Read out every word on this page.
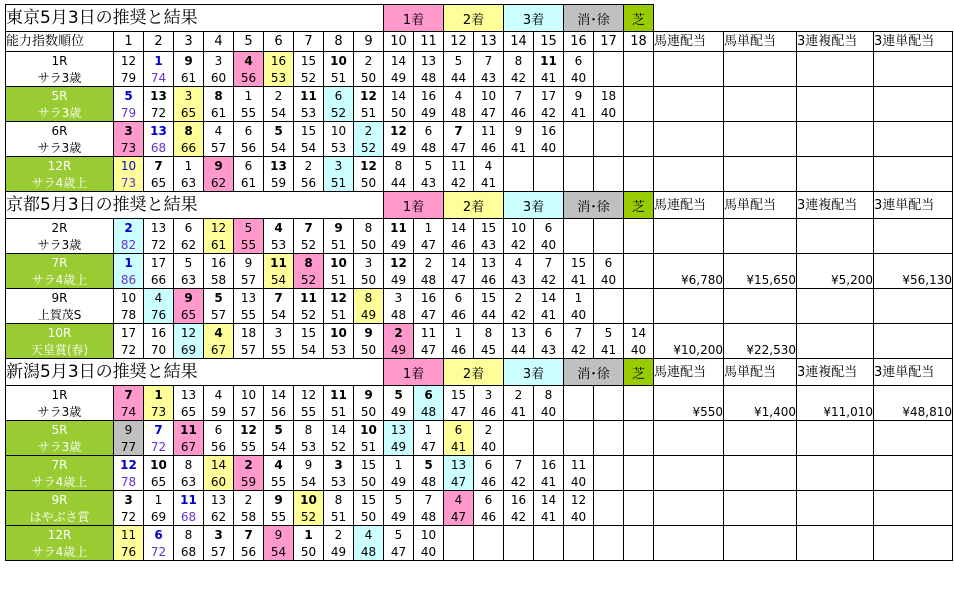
東京5月3日の推奨と結果										1着		2着		3着		消･徐		芝				
能力指数順位	1	2	3	4	5	6	7	8	9	10	11	12	13	14	15	16	17	18	馬連配当	馬単配当	3連複配当	3連単配当
1R	12	1	9	3	4	16	15	10	2	14	13	5	7	8	11	6						
サラ3歳	79	74	61	60	56	53	52	51	50	49	48	44	43	42	41	40						
5R	5	13	3	8	1	2	11	6	12	14	16	4	10	7	17	9	18					
サラ3歳	79	72	65	61	55	54	53	52	51	50	49	48	47	46	42	41	40					
6R	3	13	8	4	6	5	15	10	2	12	6	7	11	9	16							
サラ3歳	73	68	66	57	56	54	54	53	52	49	48	47	46	41	40							
12R	10	7	1	9	6	13	2	3	12	8	5	11	4									
サラ4歳上	73	65	63	62	61	59	56	51	50	44	43	42	41									
京都5月3日の推奨と結果										1着		2着		3着		消･徐		芝	馬連配当	馬単配当	3連複配当	3連単配当
2R	2	13	6	12	5	4	7	9	8	11	1	14	15	10	6							
サラ3歳	82	72	62	61	55	53	52	51	50	49	47	46	43	42	40							
7R	1	17	5	16	9	11	8	10	3	12	2	14	13	4	7	15	6					
サラ4歳上	86	66	63	58	57	54	52	51	50	49	48	47	46	43	42	41	40		¥6,780	¥15,650	¥5,200	¥56,130
9R	10	4	9	5	13	7	11	12	8	3	16	6	15	2	14	1						
上賀茂S	78	76	65	57	55	54	52	51	49	48	47	46	44	42	41	40						
10R	17	16	12	4	18	3	15	10	9	2	11	1	8	13	6	7	5	14				
天皇賞(春)	72	70	69	67	57	55	54	53	50	49	47	46	45	44	43	42	41	40	¥10,200	¥22,530		
新潟5月3日の推奨と結果										1着		2着		3着		消･徐		芝	馬連配当	馬単配当	3連複配当	3連単配当
1R	7	1	13	4	10	14	12	11	9	5	6	15	3	2	8							
サラ3歳	74	73	65	59	57	56	55	51	50	49	48	47	46	41	40				¥550	¥1,400	¥11,010	¥48,810
5R	9	7	11	6	12	5	8	14	10	13	1	6	2									
サラ3歳	77	72	67	56	55	54	53	52	51	49	47	41	40									
7R	12	10	8	14	2	4	9	3	15	1	5	13	6	7	16	11						
サラ4歳上	78	65	63	60	59	55	54	53	50	49	48	47	46	42	41	40						
9R	3	1	11	13	2	9	10	8	15	5	7	4	6	16	14	12						
はやぶさ賞	72	69	68	62	58	55	52	51	50	49	48	47	46	42	41	40						
12R	11	6	8	3	7	9	1	2	4	5	10											
サラ4歳上	76	72	68	57	56	54	50	49	48	47	40											
